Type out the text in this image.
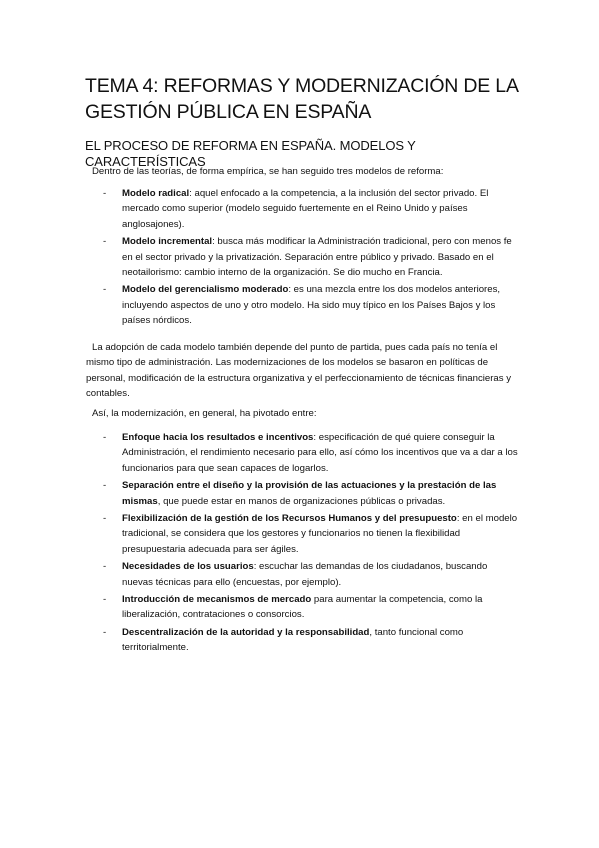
TEMA 4: REFORMAS Y MODERNIZACIÓN DE LA GESTIÓN PÚBLICA EN ESPAÑA
EL PROCESO DE REFORMA EN ESPAÑA. MODELOS Y CARACTERÍSTICAS

Dentro de las teorías, de forma empírica, se han seguido tres modelos de reforma:

- Modelo radical: aquel enfocado a la competencia, a la inclusión del sector privado. El mercado como superior (modelo seguido fuertemente en el Reino Unido y países anglosajones).
- Modelo incremental: busca más modificar la Administración tradicional, pero con menos fe en el sector privado y la privatización. Separación entre público y privado. Basado en el neotailorismo: cambio interno de la organización. Se dio mucho en Francia.
- Modelo del gerencialismo moderado: es una mezcla entre los dos modelos anteriores, incluyendo aspectos de uno y otro modelo. Ha sido muy típico en los Países Bajos y los países nórdicos.

La adopción de cada modelo también depende del punto de partida, pues cada país no tenía el mismo tipo de administración. Las modernizaciones de los modelos se basaron en políticas de personal, modificación de la estructura organizativa y el perfeccionamiento de técnicas financieras y contables.

Así, la modernización, en general, ha pivotado entre:

- Enfoque hacia los resultados e incentivos: especificación de qué quiere conseguir la Administración, el rendimiento necesario para ello, así cómo los incentivos que va a dar a los funcionarios para que sean capaces de logarlos.
- Separación entre el diseño y la provisión de las actuaciones y la prestación de las mismas, que puede estar en manos de organizaciones públicas o privadas.
- Flexibilización de la gestión de los Recursos Humanos y del presupuesto: en el modelo tradicional, se considera que los gestores y funcionarios no tienen la flexibilidad presupuestaria adecuada para ser ágiles.
- Necesidades de los usuarios: escuchar las demandas de los ciudadanos, buscando nuevas técnicas para ello (encuestas, por ejemplo).
- Introducción de mecanismos de mercado para aumentar la competencia, como la liberalización, contrataciones o consorcios.
- Descentralización de la autoridad y la responsabilidad, tanto funcional como territorialmente.
